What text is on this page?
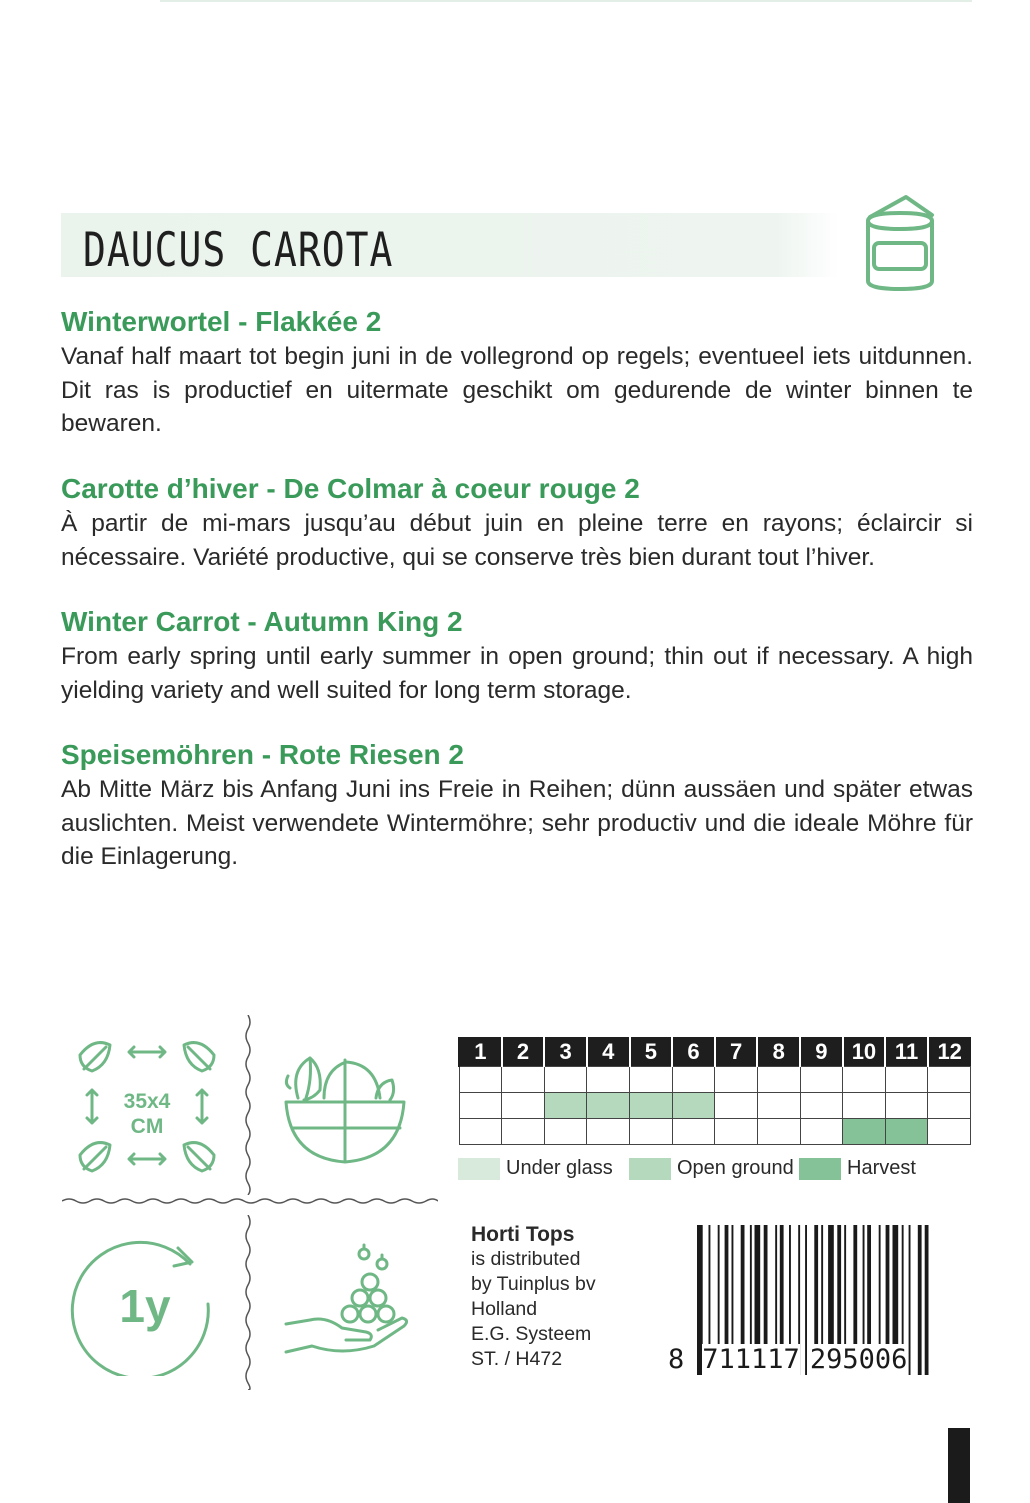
DAUCUS CAROTA
Winterwortel - Flakkée 2

Vanaf half maart tot begin juni in de vollegrond op regels; eventueel iets uitdunnen. Dit ras is productief en uitermate geschikt om gedurende de winter binnen te bewaren.

Carotte d’hiver - De Colmar à coeur rouge 2

À partir de mi-mars jusqu’au début juin en pleine terre en rayons; éclaircir si nécessaire. Variété productive, qui se conserve très bien durant tout l’hiver.

Winter Carrot - Autumn King 2

From early spring until early summer in open ground; thin out if necessary. A high yielding variety and well suited for long term storage.

Speisemöhren - Rote Riesen 2

Ab Mitte März bis Anfang Juni ins Freie in Reihen; dünn aussäen und später etwas auslichten. Meist verwendete Wintermöhre; sehr productiv und die ideale Möhre für die Einlagerung.

35x4
CM
1y
1	2	3	4	5	6	7	8	9	10	11	12

Under glass	Open ground	Harvest
Horti Tops
is distributed
by Tuinplus bv
Holland
E.G. Systeem
ST. / H472	8 711117 295006
